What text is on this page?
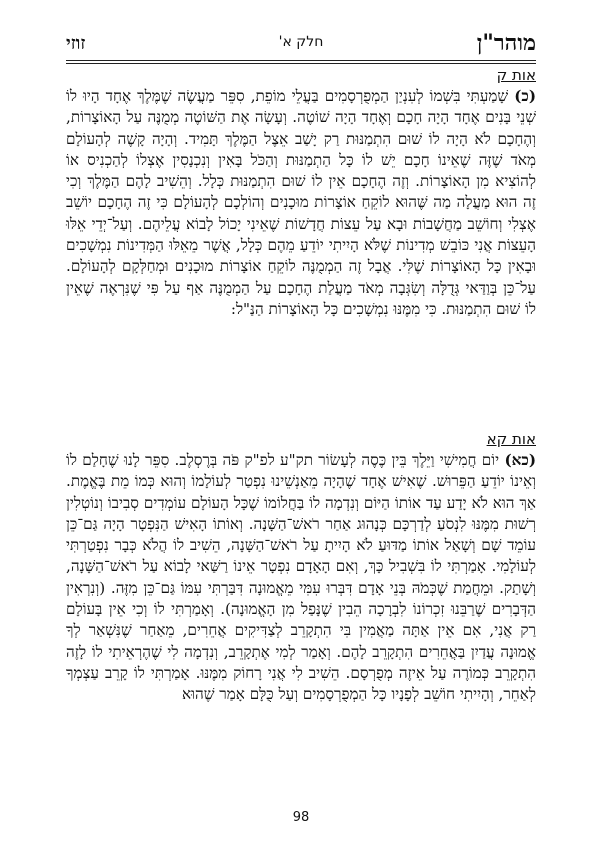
מוהר"ן
חלק א'
זוזי
אות ק
(כ) שָׁמַעְתִּי בִּשְׁמוֹ לְעִנְיַן הַמְפֻרְסָמִים בַּעֲלֵי מוֹפֵת, סִפֵּר מַעֲשֶׂה שֶׁמֶּלֶךְ אֶחָד הָיוּ לוֹ שְׁנֵי בָּנִים אֶחָד הָיָה חָכָם וְאֶחָד הָיָה שׁוֹטֶה. וְעָשָׂה אֶת הַשּׁוֹטֶה מְמֻנֶּה עַל הָאוֹצָרוֹת, וְהֶחָכָם לֹא הָיָה לוֹ שׁוּם הִתְמַנּוּת רַק יָשַׁב אֵצֶל הַמֶּלֶךְ תָּמִיד. וְהָיָה קָשֶׁה לְהָעוֹלָם מְאֹד שֶׁזֶּה שֶׁאֵינוֹ חָכָם יֵשׁ לוֹ כָּל הַתְמַנּוּת וְהַכֹּל בָּאִין וְנִכְנָסִין אֶצְלוֹ לְהַכְנִיס אוֹ לְהוֹצִיא מִן הָאוֹצָרוֹת. וְזֶה הֶחָכָם אֵין לוֹ שׁוּם הִתְמַנּוּת כְּלָל. וְהֵשִׁיב לָהֶם הַמֶּלֶךְ וְכִי זֶה הוּא מַעֲלָה מַה שֶּׁהוּא לוֹקֵחַ אוֹצָרוֹת מוּכָנִים וְהוֹלְכָם לְהָעוֹלָם כִּי זֶה הֶחָכָם יוֹשֵׁב אֶצְלִי וְחוֹשֵׁב מַחֲשָׁבוֹת וּבָא עַל עֵצוֹת חֲדָשׁוֹת שֶׁאֵינִי יָכוֹל לָבוֹא עֲלֵיהֶם. וְעַל־יְדֵי אֵלּוּ הָעֵצוֹת אֲנִי כּוֹבֵשׁ מְדִינוֹת שֶׁלֹּא הָיִיתִי יוֹדֵעַ מֵהֶם כְּלָל, אֲשֶׁר מֵאֵלּוּ הַמְּדִינוֹת נִמְשָׁכִים וּבָאִין כָּל הָאוֹצָרוֹת שֶׁלִּי. אֲבָל זֶה הַמְמֻנֶּה לוֹקֵחַ אוֹצָרוֹת מוּכָנִים וּמְחַלְּקָם לְהָעוֹלָם. עַל־כֵּן בְּוַדַּאי גְּדֻלָּה וְשִׂגְּבָה מְאֹד מַעֲלַת הֶחָכָם עַל הַמְמֻנֶּה אַף עַל פִּי שֶׁנִּרְאֶה שֶׁאֵין לוֹ שׁוּם הִתְמַנּוּת. כִּי מִמֶּנּוּ נִמְשָׁכִים כָּל הָאוֹצָרוֹת הַנַּ"ל:
אות קא
(כא) יוֹם חֲמִישִׁי וַיֵּלֶךְ בֵּין כֶּסֶה לְעָשׂוֹר תק"ע לפ"ק פֹּה בְּרֶסְלֶב. סִפֵּר לָנוּ שֶׁחָלַם לוֹ וְאֵינוֹ יוֹדֵעַ הַפֵּרוּשׁ. שֶׁאִישׁ אֶחָד שֶׁהָיָה מֵאַנְשֵׁינוּ נִפְטַר לְעוֹלָמוֹ וְהוּא כְּמוֹ מֵת בֶּאֱמֶת. אַךְ הוּא לֹא יָדַע עַד אוֹתוֹ הַיּוֹם וְנִדְמָה לוֹ בַּחֲלוֹמוֹ שֶׁכָּל הָעוֹלָם עוֹמְדִים סְבִיבוֹ וְנוֹטְלִין רְשׁוּת מִמֶּנּוּ לִנְסֹעַ לְדַרְכָּם כְּנָהוּג אַחַר רֹאשׁ־הַשָּׁנָה. וְאוֹתוֹ הָאִישׁ הַנִּפְטָר הָיָה גַּם־כֵּן עוֹמֵד שָׁם וְשָׁאַל אוֹתוֹ מַדּוּעַ לֹא הָיִיתָ עַל רֹאשׁ־הַשָּׁנָה, הֵשִׁיב לוֹ הֲלֹא כְּבָר נִפְטַרְתִּי לְעוֹלָמִי. אָמַרְתִּי לוֹ בִּשְׁבִיל כָּךְ, וְאִם הָאָדָם נִפְטָר אֵינוֹ רַשַּׁאי לָבוֹא עַל רֹאשׁ־הַשָּׁנָה, וְשָׁתַק. וּמֵחֲמַת שֶׁכְּמֹהּ בְּנֵי אָדָם דִּבְּרוּ עִמִּי מֵאֱמוּנָה דִּבַּרְתִּי עִמּוֹ גַּם־כֵּן מִזֶּה. (וְנִרְאִין הַדְּבָרִים שֶׁרַבֵּנוּ זִכְרוֹנוֹ לִבְרָכָה הֵבִין שֶׁנָּפַל מִן הָאֱמוּנָה). וְאָמַרְתִּי לוֹ וְכִי אֵין בָּעוֹלָם רַק אֲנִי, אִם אֵין אַתָּה מַאֲמִין בִּי הִתְקָרֵב לְצַדִּיקִים אֲחֵרִים, מֵאַחַר שֶׁנִּשְׁאַר לְךָ אֱמוּנָה עֲדַיִן בַּאֲחֵרִים הִתְקָרֵב לָהֶם. וְאָמַר לְמִי אֶתְקָרֵב, וְנִדְמָה לִי שֶׁהֶרְאֵיתִי לוֹ לָזֶה הִתְקָרֵב כְּמוֹרֶה עַל אֵיזֶה מְפֻרְסָם. הֵשִׁיב לִי אֲנִי רָחוֹק מִמֶּנּוּ. אָמַרְתִּי לוֹ קָרֵב עַצְמְךָ לְאַחֵר, וְהָיִיתִי חוֹשֵׁב לְפָנָיו כָּל הַמְפֻרְסָמִים וְעַל כֻּלָּם אָמַר שֶׁהוּא
98
